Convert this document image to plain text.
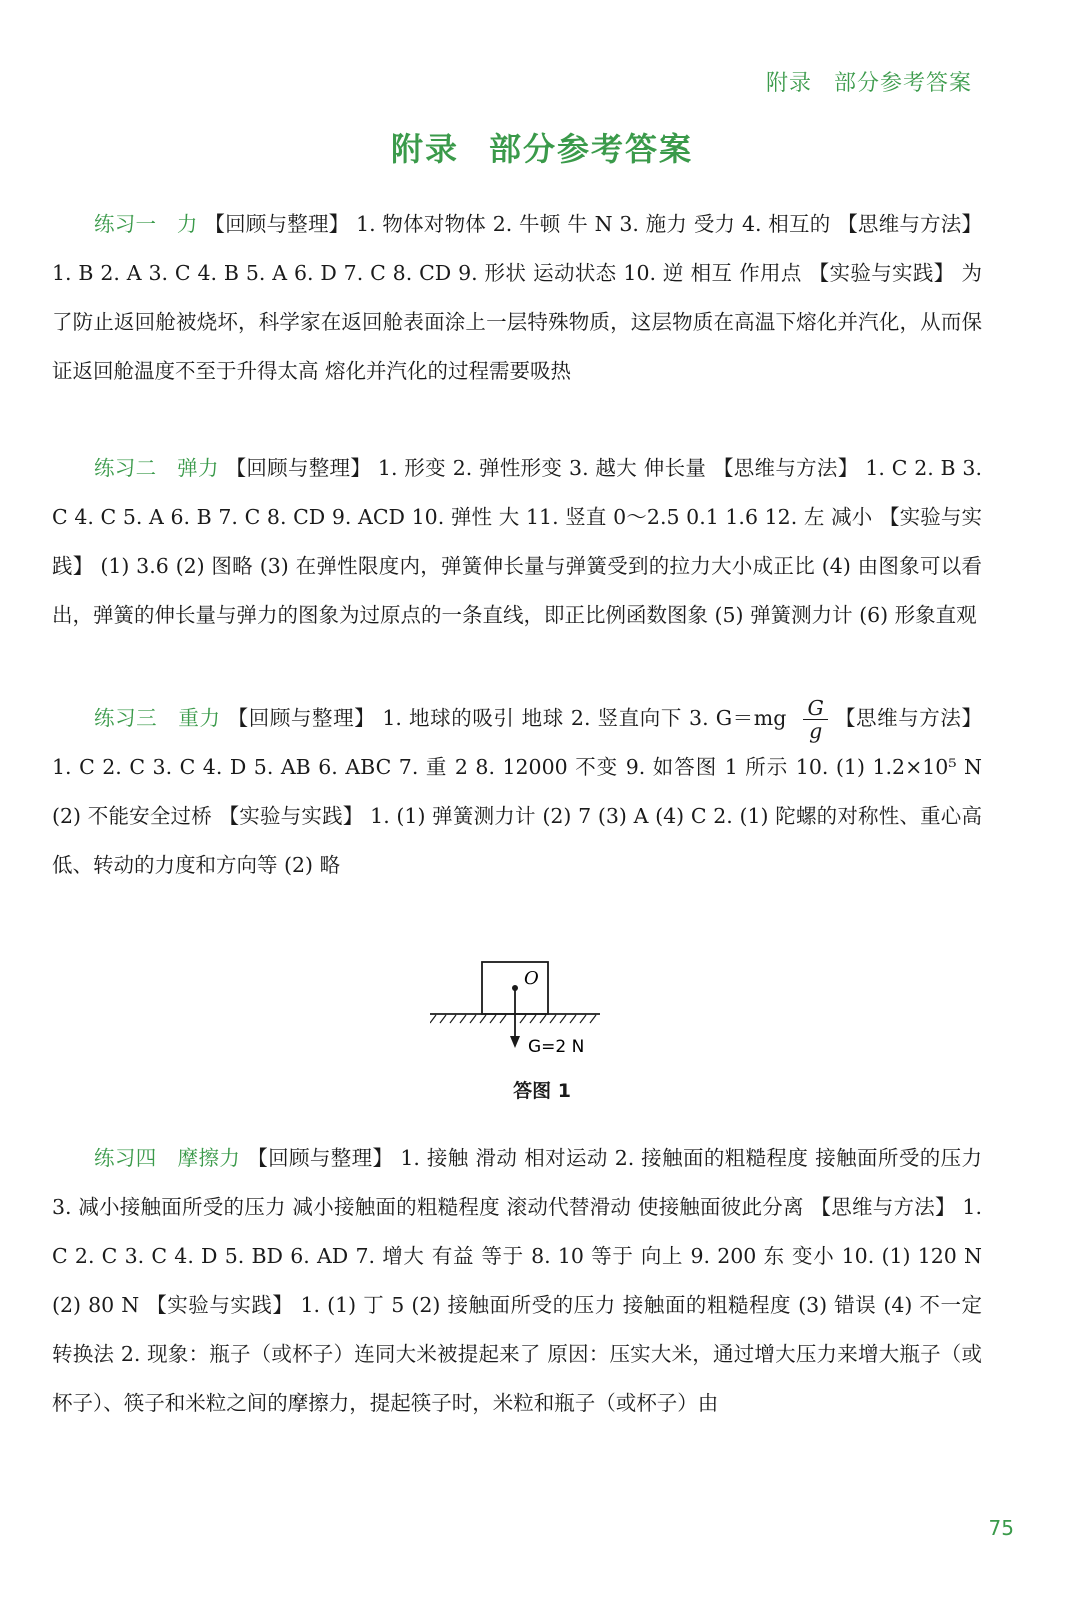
附录 部分参考答案
附录 部分参考答案
练习一　力 【回顾与整理】 1. 物体对物体 2. 牛顿 牛 N 3. 施力 受力 4. 相互的 【思维与方法】 1. B 2. A 3. C 4. B 5. A 6. D 7. C 8. CD 9. 形状 运动状态 10. 逆 相互 作用点 【实验与实践】 为了防止返回舱被烧坏，科学家在返回舱表面涂上一层特殊物质，这层物质在高温下熔化并汽化，从而保证返回舱温度不至于升得太高 熔化并汽化的过程需要吸热
练习二　弹力 【回顾与整理】 1. 形变 2. 弹性形变 3. 越大 伸长量 【思维与方法】 1. C 2. B 3. C 4. C 5. A 6. B 7. C 8. CD 9. ACD 10. 弹性 大 11. 竖直 0～2.5 0.1 1.6 12. 左 减小 【实验与实践】 (1) 3.6 (2) 图略 (3) 在弹性限度内，弹簧伸长量与弹簧受到的拉力大小成正比 (4) 由图象可以看出，弹簧的伸长量与弹力的图象为过原点的一条直线，即正比例函数图象 (5) 弹簧测力计 (6) 形象直观
练习三　重力 【回顾与整理】 1. 地球的吸引 地球 2. 竖直向下 3. $G=mg \frac{G}{g}$ 【思维与方法】 1. C 2. C 3. C 4. D 5. AB 6. ABC 7. 重 2 8. 12000 不变 9. 如答图 1 所示 10. (1) 1.2×10⁵ N (2) 不能安全过桥 【实验与实践】 1. (1) 弹簧测力计 (2) 7 (3) A (4) C 2. (1) 陀螺的对称性、重心高低、转动的力度和方向等 (2) 略
O
G=2 N
答图 1
练习四　摩擦力 【回顾与整理】 1. 接触 滑动 相对运动 2. 接触面的粗糙程度 接触面所受的压力 3. 减小接触面所受的压力 减小接触面的粗糙程度 滚动代替滑动 使接触面彼此分离 【思维与方法】 1. C 2. C 3. C 4. D 5. BD 6. AD 7. 增大 有益 等于 8. 10 等于 向上 9. 200 东 变小 10. (1) 120 N (2) 80 N 【实验与实践】 1. (1) 丁 5 (2) 接触面所受的压力 接触面的粗糙程度 (3) 错误 (4) 不一定 转换法 2. 现象：瓶子（或杯子）连同大米被提起来了 原因：压实大米，通过增大压力来增大瓶子（或杯子）、筷子和米粒之间的摩擦力，提起筷子时，米粒和瓶子（或杯子）由
75
